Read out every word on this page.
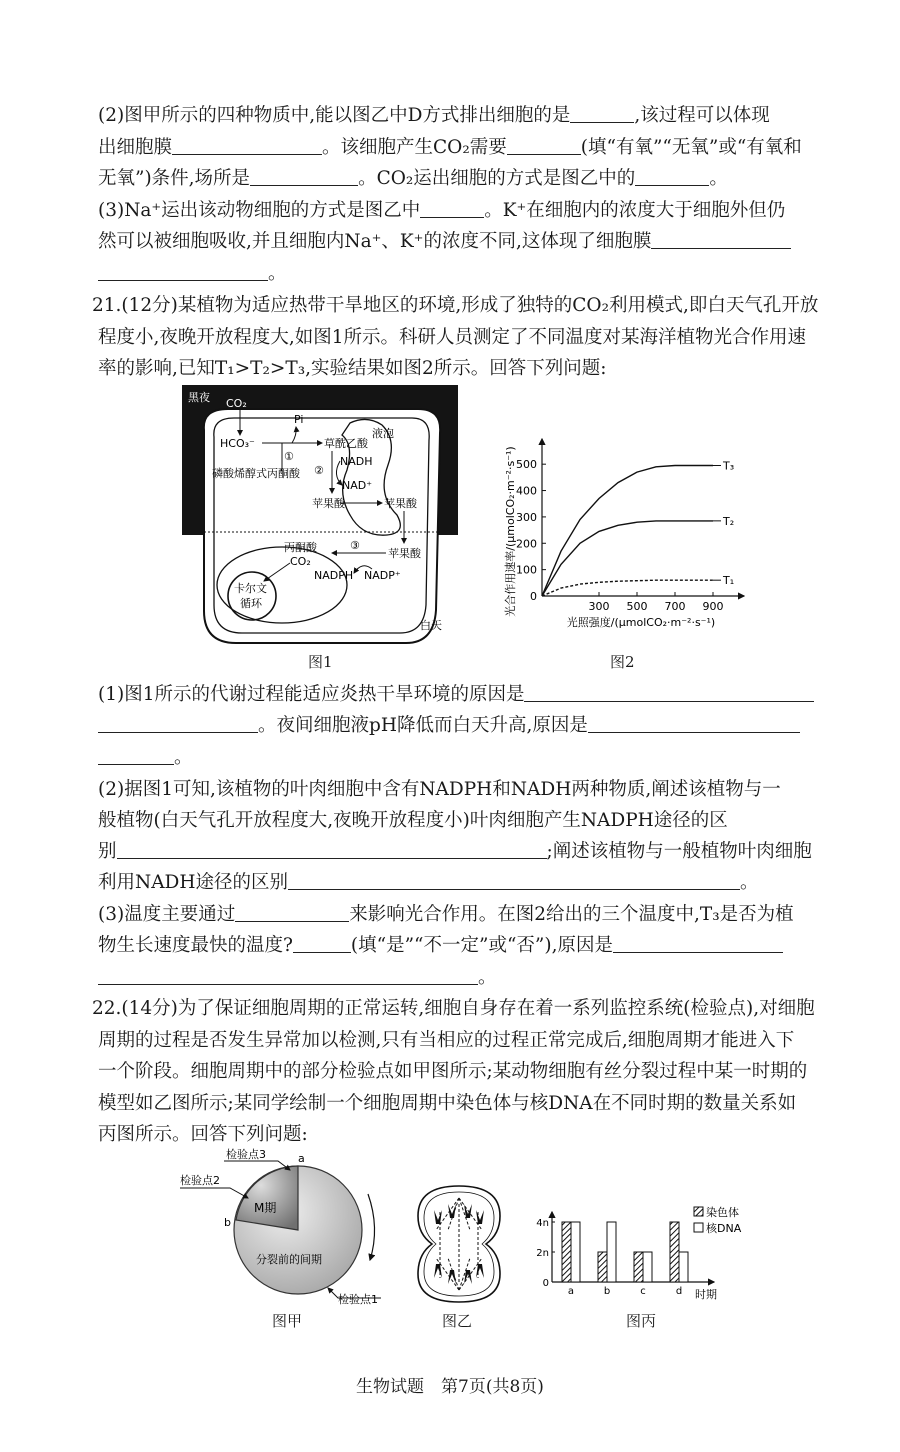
(2)图甲所示的四种物质中,能以图乙中D方式排出细胞的是	,该过程可以体现
出细胞膜	。该细胞产生CO₂需要	(填“有氧”“无氧”或“有氧和
无氧”)条件,场所是	。CO₂运出细胞的方式是图乙中的	。
(3)Na⁺运出该动物细胞的方式是图乙中	。K⁺在细胞内的浓度大于细胞外但仍
然可以被细胞吸收,并且细胞内Na⁺、K⁺的浓度不同,这体现了细胞膜
。
21.(12分)某植物为适应热带干旱地区的环境,形成了独特的CO₂利用模式,即白天气孔开放
程度小,夜晚开放程度大,如图1所示。科研人员测定了不同温度对某海洋植物光合作用速
率的影响,已知T₁>T₂>T₃,实验结果如图2所示。回答下列问题:
黑夜
液泡
CO₂
HCO₃⁻
Pi
草酰乙酸
①
磷酸烯醇式丙酮酸 ②
NADH
NAD⁺
苹果酸	苹果酸
苹果酸
③
丙酮酸
CO₂
NADPH NADP⁺
卡尔文
循环
白天
图1
0
100
200
300
400
500
300 500 700 900
光照强度/(μmolCO₂·m⁻²·s⁻¹)
光合作用速率/(μmolCO₂·m⁻²·s⁻¹)	T₃
T₂
T₁
图2
(1)图1所示的代谢过程能适应炎热干旱环境的原因是
。夜间细胞液pH降低而白天升高,原因是
。
(2)据图1可知,该植物的叶肉细胞中含有NADPH和NADH两种物质,阐述该植物与一
般植物(白天气孔开放程度大,夜晚开放程度小)叶肉细胞产生NADPH途径的区
别	;阐述该植物与一般植物叶肉细胞
利用NADH途径的区别	。
(3)温度主要通过	来影响光合作用。在图2给出的三个温度中,T₃是否为植
物生长速度最快的温度?	(填“是”“不一定”或“否”),原因是
。
22.(14分)为了保证细胞周期的正常运转,细胞自身存在着一系列监控系统(检验点),对细胞
周期的过程是否发生异常加以检测,只有当相应的过程正常完成后,细胞周期才能进入下
一个阶段。细胞周期中的部分检验点如甲图所示;某动物细胞有丝分裂过程中某一时期的
模型如乙图所示;某同学绘制一个细胞周期中染色体与核DNA在不同时期的数量关系如
丙图所示。回答下列问题:
M期
分裂前的间期
a
b
检验点3
检验点2
检验点1
图甲	图乙
0
2n
4n
a	b	c	d 时期
染色体
核DNA
图丙
生物试题　第7页(共8页)
